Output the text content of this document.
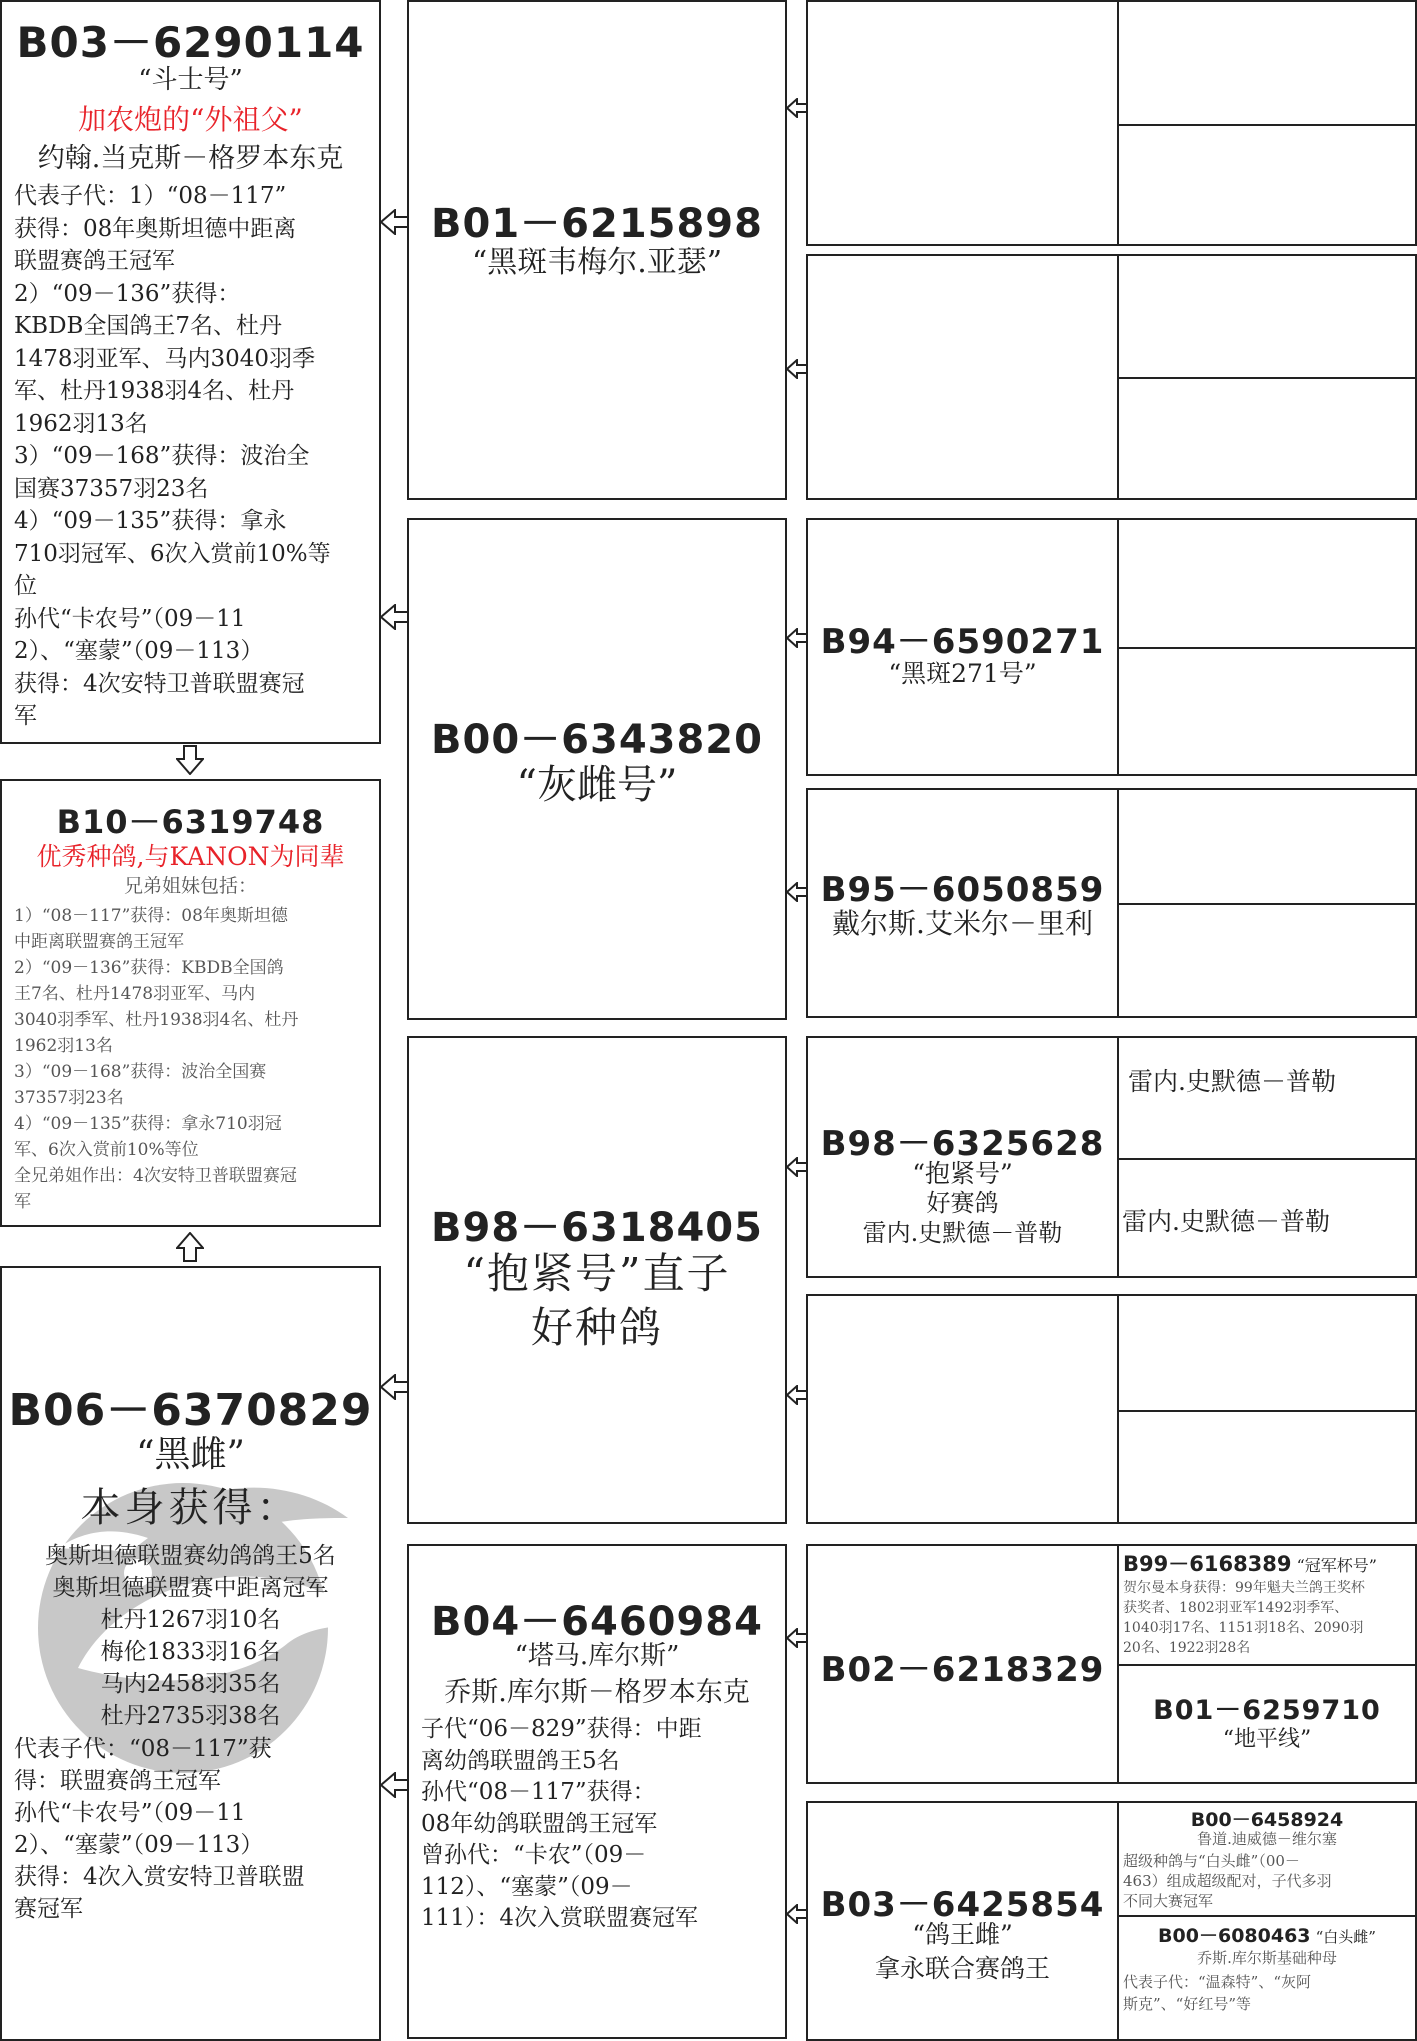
B03－6290114
“斗士号”
加农炮的“外祖父”
约翰.当克斯－格罗本东克
代表子代：1）“08－117”
获得：08年奥斯坦德中距离
联盟赛鸽王冠军
2）“09－136”获得：
KBDB全国鸽王7名、杜丹
1478羽亚军、马内3040羽季
军、杜丹1938羽4名、杜丹
1962羽13名
3）“09－168”获得：波治全
国赛37357羽23名
4）“09－135”获得：拿永
710羽冠军、6次入赏前10%等
位
孙代“卡农号”（09－11
2）、“塞蒙”（09－113）
获得：4次安特卫普联盟赛冠
军
B10－6319748
优秀种鸽,与KANON为同辈
兄弟姐妹包括：
1）“08－117”获得：08年奥斯坦德
中距离联盟赛鸽王冠军
2）“09－136”获得：KBDB全国鸽
王7名、杜丹1478羽亚军、马内
3040羽季军、杜丹1938羽4名、杜丹
1962羽13名
3）“09－168”获得：波治全国赛
37357羽23名
4）“09－135”获得：拿永710羽冠
军、6次入赏前10%等位
全兄弟姐作出：4次安特卫普联盟赛冠
军
B06－6370829
“黑雌”
本身获得：
奥斯坦德联盟赛幼鸽鸽王5名
奥斯坦德联盟赛中距离冠军
杜丹1267羽10名
梅伦1833羽16名
马内2458羽35名
杜丹2735羽38名
代表子代：“08－117”获
得：联盟赛鸽王冠军
孙代“卡农号”（09－11
2）、“塞蒙”（09－113）
获得：4次入赏安特卫普联盟
赛冠军
B01－6215898
“黑斑韦梅尔.亚瑟”
B00－6343820
“灰雌号”
B98－6318405
“抱紧号”直子
好种鸽
B04－6460984
“塔马.库尔斯”
乔斯.库尔斯－格罗本东克
子代“06－829”获得：中距
离幼鸽联盟鸽王5名
孙代“08－117”获得：
08年幼鸽联盟鸽王冠军
曾孙代：“卡农”（09－
112）、“塞蒙”（09－
111）：4次入赏联盟赛冠军
B94－6590271
“黑斑271号”
B95－6050859
戴尔斯.艾米尔－里利
B98－6325628
“抱紧号”
好赛鸽
雷内.史默德－普勒
雷内.史默德－普勒
雷内.史默德－普勒
B02－6218329
B99－6168389 “冠军杯号”
贺尔曼本身获得：99年魁夫兰鸽王奖杯
获奖者、1802羽亚军1492羽季军、
1040羽17名、1151羽18名、2090羽
20名、1922羽28名
B01－6259710
“地平线”
B03－6425854
“鸽王雌”
拿永联合赛鸽王
B00－6458924
鲁道.迪威德－维尔塞
超级种鸽与“白头雌”（00－
463）组成超级配对，子代多羽
不同大赛冠军
B00－6080463 “白头雌”
乔斯.库尔斯基础种母
代表子代：“温森特”、“灰阿
斯克”、“好红号”等
